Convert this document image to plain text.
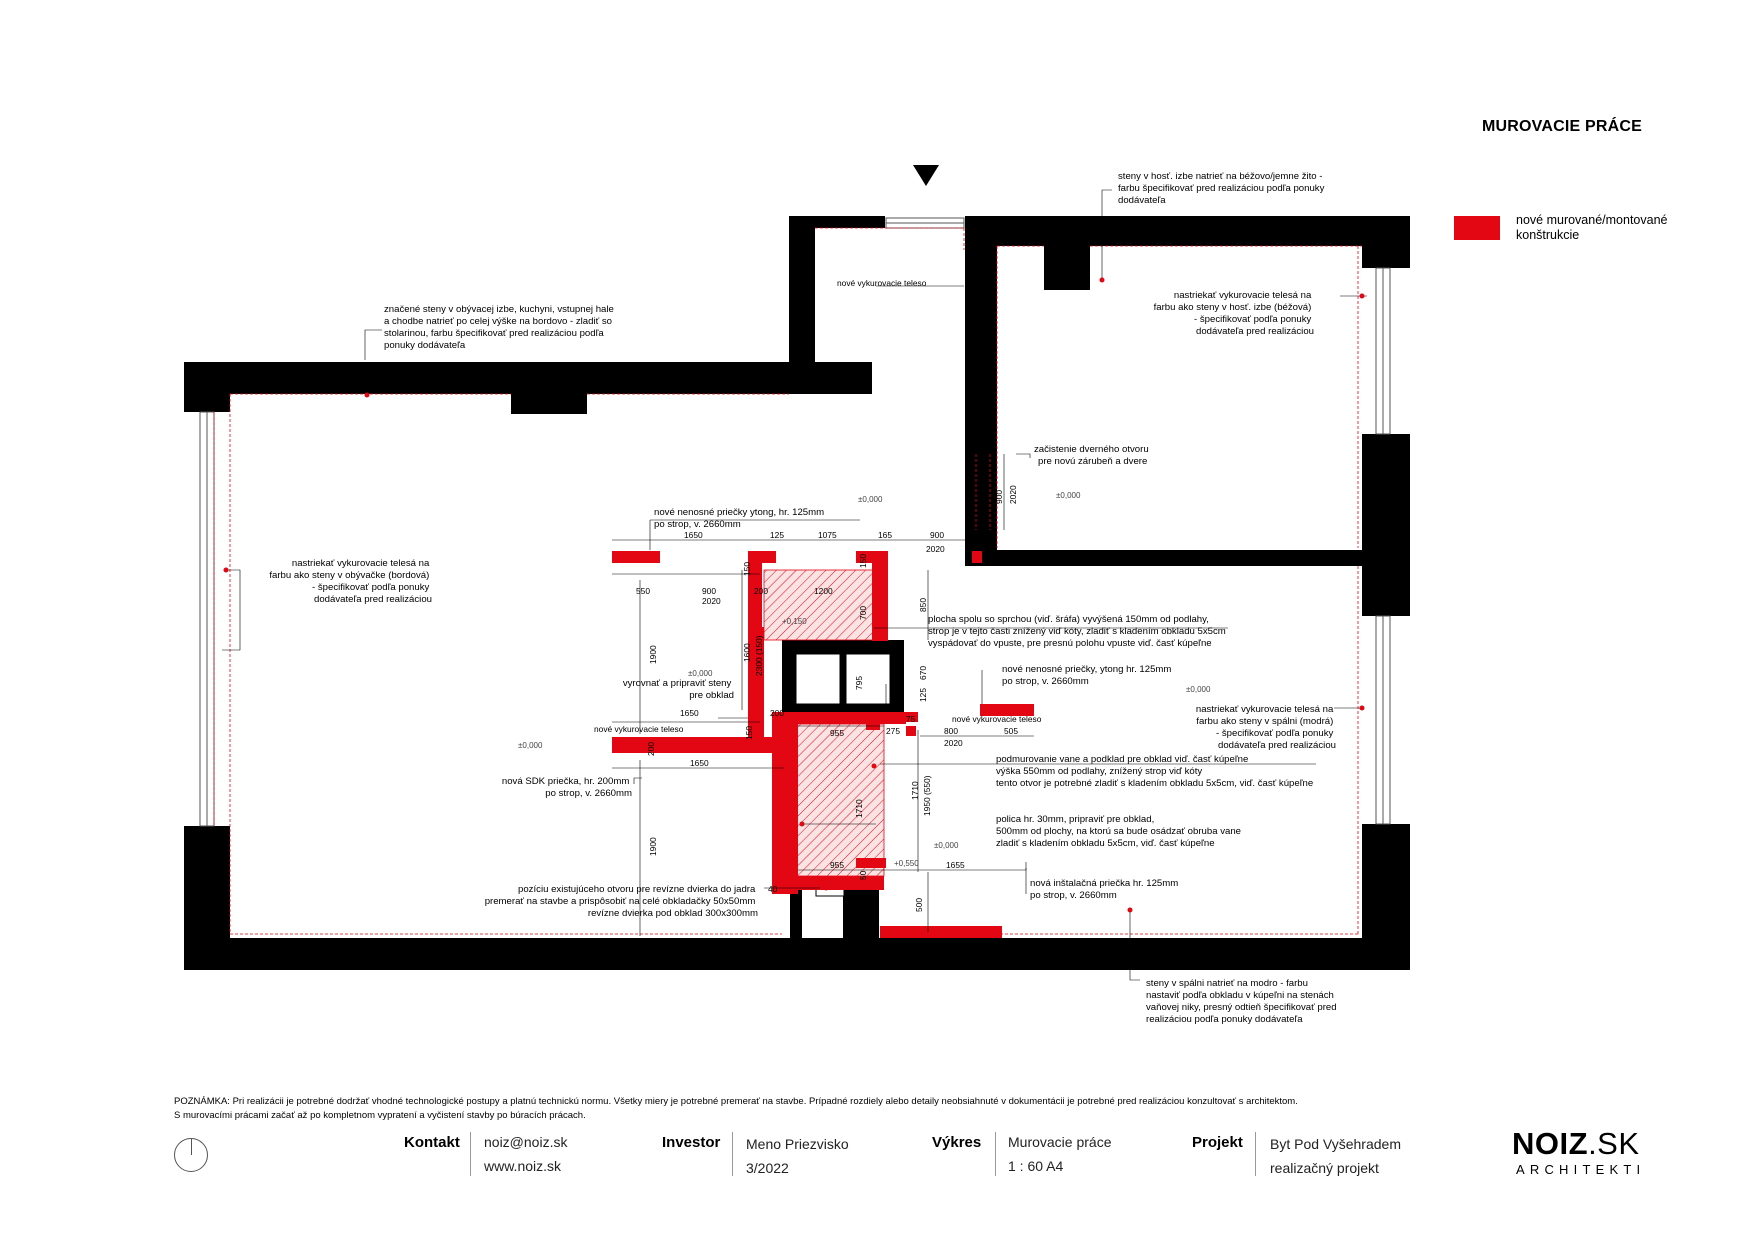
značené steny v obývacej izbe, kuchyni, vstupnej hale a chodbe natrieť po celej výške na bordovo - zladiť so stolarinou, farbu špecifikovať pred realizáciou podľa ponuky dodávateľa
steny v hosť. izbe natrieť na béžovo/jemne žito - farbu špecifikovať pred realizáciou podľa ponuky dodávateľa
nové vykurovacie teleso
nastriekať vykurovacie telesá na farbu ako steny v hosť. izbe (béžová) - špecifikovať podľa ponuky dodávateľa pred realizáciou
začistenie dverného otvoru pre novú zárubeň a dvere
nové nenosné priečky ytong, hr. 125mm po strop, v. 2660mm
nastriekať vykurovacie telesá na farbu ako steny v obývačke (bordová) - špecifikovať podľa ponuky dodávateľa pred realizáciou
plocha spolu so sprchou (viď. šráfa) vyvýšená 150mm od podlahy, strop je v tejto časti znížený viď kóty, zladiť s kladením obkladu 5x5cm vyspádovať do vpuste, pre presnú polohu vpuste viď. časť kúpeľne
vyrovnať a pripraviť steny pre obklad
nové nenosné priečky, ytong hr. 125mm po strop, v. 2660mm
nové vykurovacie teleso
nové vykurovacie teleso
nastriekať vykurovacie telesá na farbu ako steny v spálni (modrá) - špecifikovať podľa ponuky dodávateľa pred realizáciou
podmurovanie vane a podklad pre obklad viď. časť kúpeľne výška 550mm od podlahy, znížený strop viď kóty tento otvor je potrebné zladiť s kladením obkladu 5x5cm, viď. časť kúpeľne
nová SDK priečka, hr. 200mm po strop, v. 2660mm
polica hr. 30mm, pripraviť pre obklad, 500mm od plochy, na ktorú sa bude osádzať obruba vane zladiť s kladením obkladu 5x5cm, viď. časť kúpeľne
pozíciu existujúceho otvoru pre revízne dvierka do jadra premerať na stavbe a prispôsobiť na celé obkladačky 50x50mm revízne dvierka pod obklad 300x300mm
nová inštalačná priečka hr. 125mm po strop, v. 2660mm
steny v spálni natrieť na modro - farbu nastaviť podľa obkladu v kúpeľni na stenách vaňovej niky, presný odtieň špecifikovať pred realizáciou podľa ponuky dodávateľa
±0,000	±0,000
±0,000
±0,000
±0,000
±0,000
+0,150
+0,550
1650	125	1075	165	900
2020
100
550	900
2020
200	1200
150
150
850
700
1900	1600 2300 (150)
795
670
125
1650	200
150	275
75
800
2020
505
1650
955
1710	1950 (550)
1710
200
955
50
1655
500
1900
40
900 2020
MUROVACIE PRÁCE
nové murované/montované konštrukcie
POZNÁMKA: Pri realizácii je potrebné dodržať vhodné technologické postupy a platnú technickú normu. Všetky miery je potrebné premerať na stavbe. Prípadné rozdiely alebo detaily neobsiahnuté v dokumentácii je potrebné pred realizáciou konzultovať s architektom.
S murovacími prácami začať až po kompletnom vypratení a vyčistení stavby po búracích prácach.
Kontakt noiz@noiz.sk
www.noiz.sk
Investor Meno Priezvisko
3/2022
Výkres Murovacie práce
1 : 60 A4
Projekt Byt Pod Vyšehradem
realizačný projekt
NOIZ.SK
ARCHITEKTI
